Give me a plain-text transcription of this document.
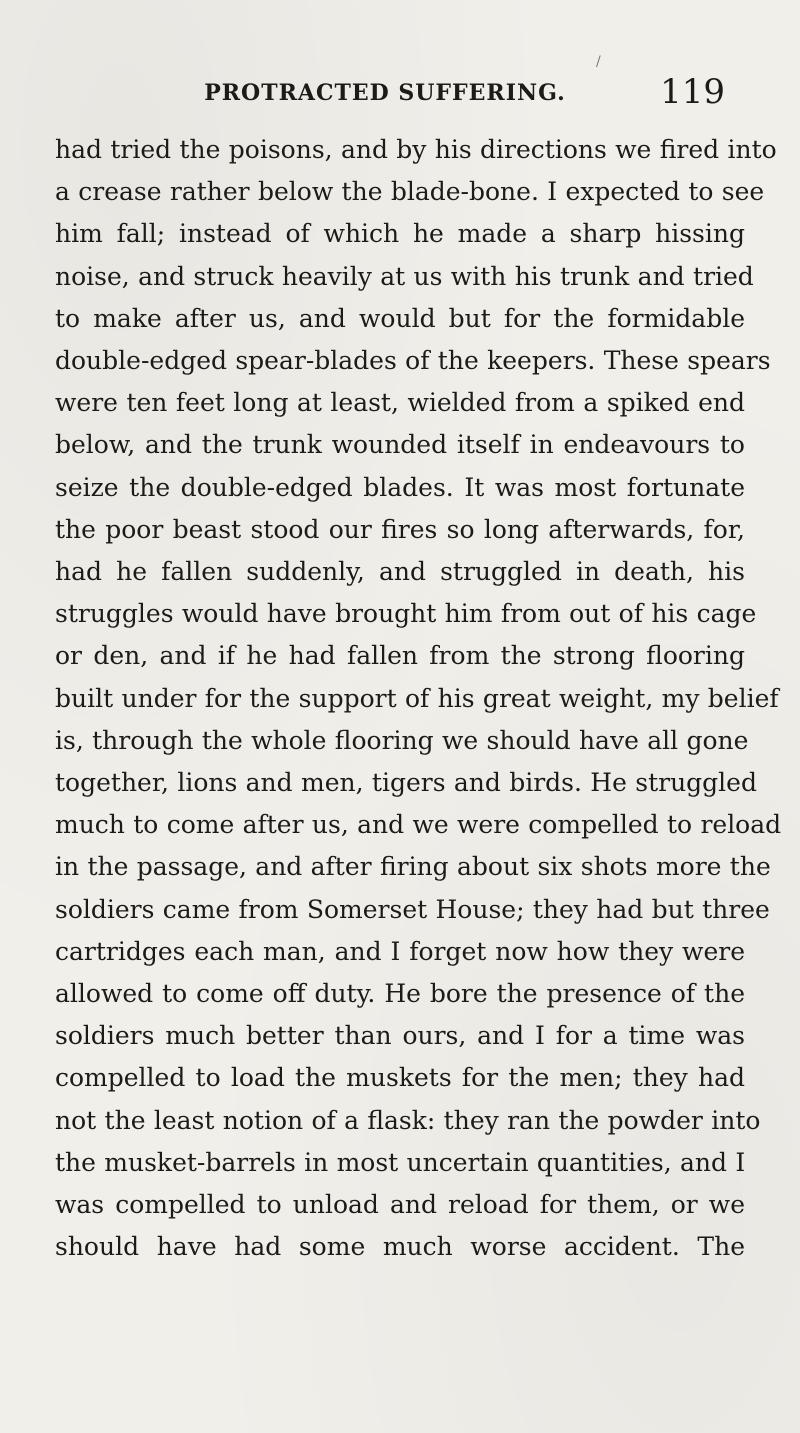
/
PROTRACTED SUFFERING.	119

had tried the poisons, and by his directions we fired into
a crease rather below the blade-bone. I expected to see
him fall; instead of which he made a sharp hissing
noise, and struck heavily at us with his trunk and tried
to make after us, and would but for the formidable
double-edged spear-blades of the keepers. These spears
were ten feet long at least, wielded from a spiked end
below, and the trunk wounded itself in endeavours to
seize the double-edged blades. It was most fortunate
the poor beast stood our fires so long afterwards, for,
had he fallen suddenly, and struggled in death, his
struggles would have brought him from out of his cage
or den, and if he had fallen from the strong flooring
built under for the support of his great weight, my belief
is, through the whole flooring we should have all gone
together, lions and men, tigers and birds. He struggled
much to come after us, and we were compelled to reload
in the passage, and after firing about six shots more the
soldiers came from Somerset House; they had but three
cartridges each man, and I forget now how they were
allowed to come off duty. He bore the presence of the
soldiers much better than ours, and I for a time was
compelled to load the muskets for the men; they had
not the least notion of a flask: they ran the powder into
the musket-barrels in most uncertain quantities, and I
was compelled to unload and reload for them, or we
should have had some much worse accident. The
